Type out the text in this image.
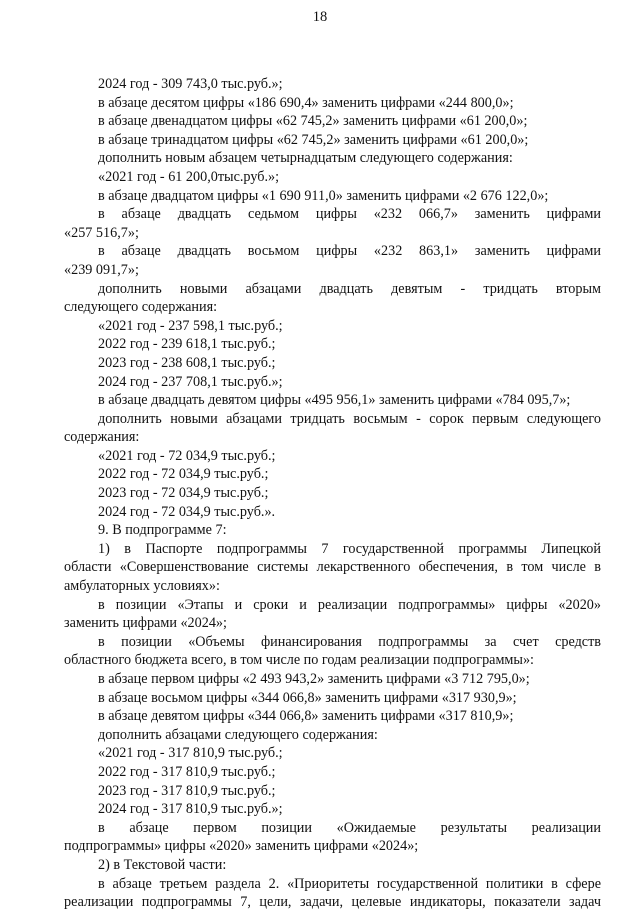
18
2024 год - 309 743,0 тыс.руб.»;
в абзаце десятом цифры «186 690,4» заменить цифрами «244 800,0»;
в абзаце двенадцатом цифры «62 745,2» заменить цифрами «61 200,0»;
в абзаце тринадцатом цифры «62 745,2» заменить цифрами «61 200,0»;
дополнить новым абзацем четырнадцатым следующего содержания:
«2021 год - 61 200,0тыс.руб.»;
в абзаце двадцатом цифры «1 690 911,0» заменить цифрами «2 676 122,0»;
в абзаце двадцать седьмом цифры «232 066,7» заменить цифрами
«257 516,7»;
в абзаце двадцать восьмом цифры «232 863,1» заменить цифрами
«239 091,7»;
дополнить новыми абзацами двадцать девятым - тридцать вторым
следующего содержания:
«2021 год - 237 598,1 тыс.руб.;
2022 год - 239 618,1 тыс.руб.;
2023 год - 238 608,1 тыс.руб.;
2024 год - 237 708,1 тыс.руб.»;
в абзаце двадцать девятом цифры «495 956,1» заменить цифрами «784 095,7»;
дополнить новыми абзацами тридцать восьмым - сорок первым следующего
содержания:
«2021 год - 72 034,9 тыс.руб.;
2022 год - 72 034,9 тыс.руб.;
2023 год - 72 034,9 тыс.руб.;
2024 год - 72 034,9 тыс.руб.».
9. В подпрограмме 7:
1) в Паспорте подпрограммы 7 государственной программы Липецкой
области «Совершенствование системы лекарственного обеспечения, в том числе в
амбулаторных условиях»:
в позиции «Этапы и сроки и реализации подпрограммы» цифры «2020»
заменить цифрами «2024»;
в позиции «Объемы финансирования подпрограммы за счет средств
областного бюджета всего, в том числе по годам реализации подпрограммы»:
в абзаце первом цифры «2 493 943,2» заменить цифрами «3 712 795,0»;
в абзаце восьмом цифры «344 066,8» заменить цифрами «317 930,9»;
в абзаце девятом цифры «344 066,8» заменить цифрами «317 810,9»;
дополнить абзацами следующего содержания:
«2021 год - 317 810,9 тыс.руб.;
2022 год - 317 810,9 тыс.руб.;
2023 год - 317 810,9 тыс.руб.;
2024 год - 317 810,9 тыс.руб.»;
в абзаце первом позиции «Ожидаемые результаты реализации
подпрограммы» цифры «2020» заменить цифрами «2024»;
2) в Текстовой части:
в абзаце третьем раздела 2. «Приоритеты государственной политики в сфере
реализации подпрограммы 7, цели, задачи, целевые индикаторы, показатели задач
